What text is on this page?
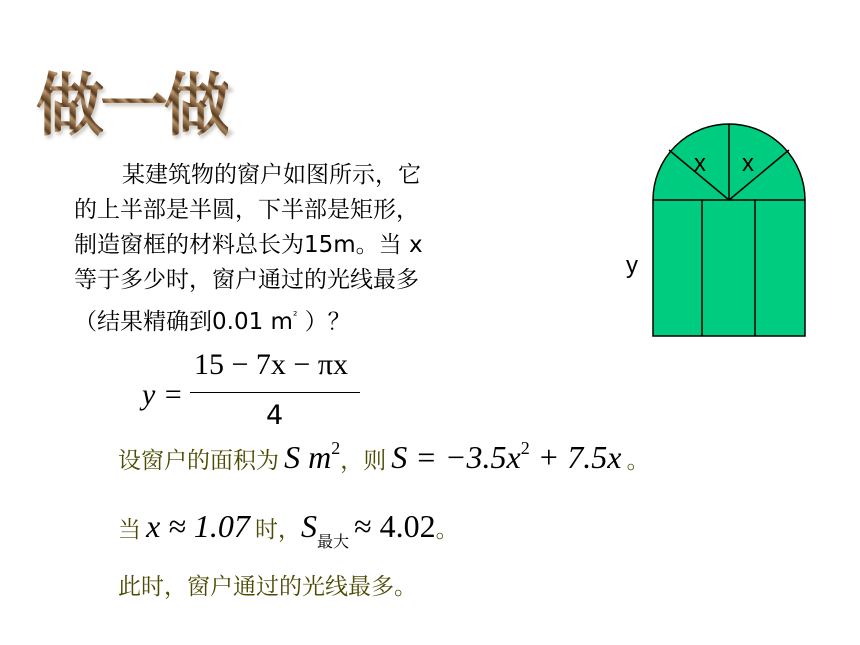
做一做
某建筑物的窗户如图所示，它
的上半部是半圆，下半部是矩形，
制造窗框的材料总长为15m。当 x
等于多少时，窗户通过的光线最多
（结果精确到0.01 $m^{^2}$ ）？
y =
15 − 7x − πx
4
设窗户的面积为 S m2，则 S = −3.5x2 + 7.5x 。
当 x ≈ 1.07 时，S最大 ≈ 4.02。
此时，窗户通过的光线最多。
x x
y
